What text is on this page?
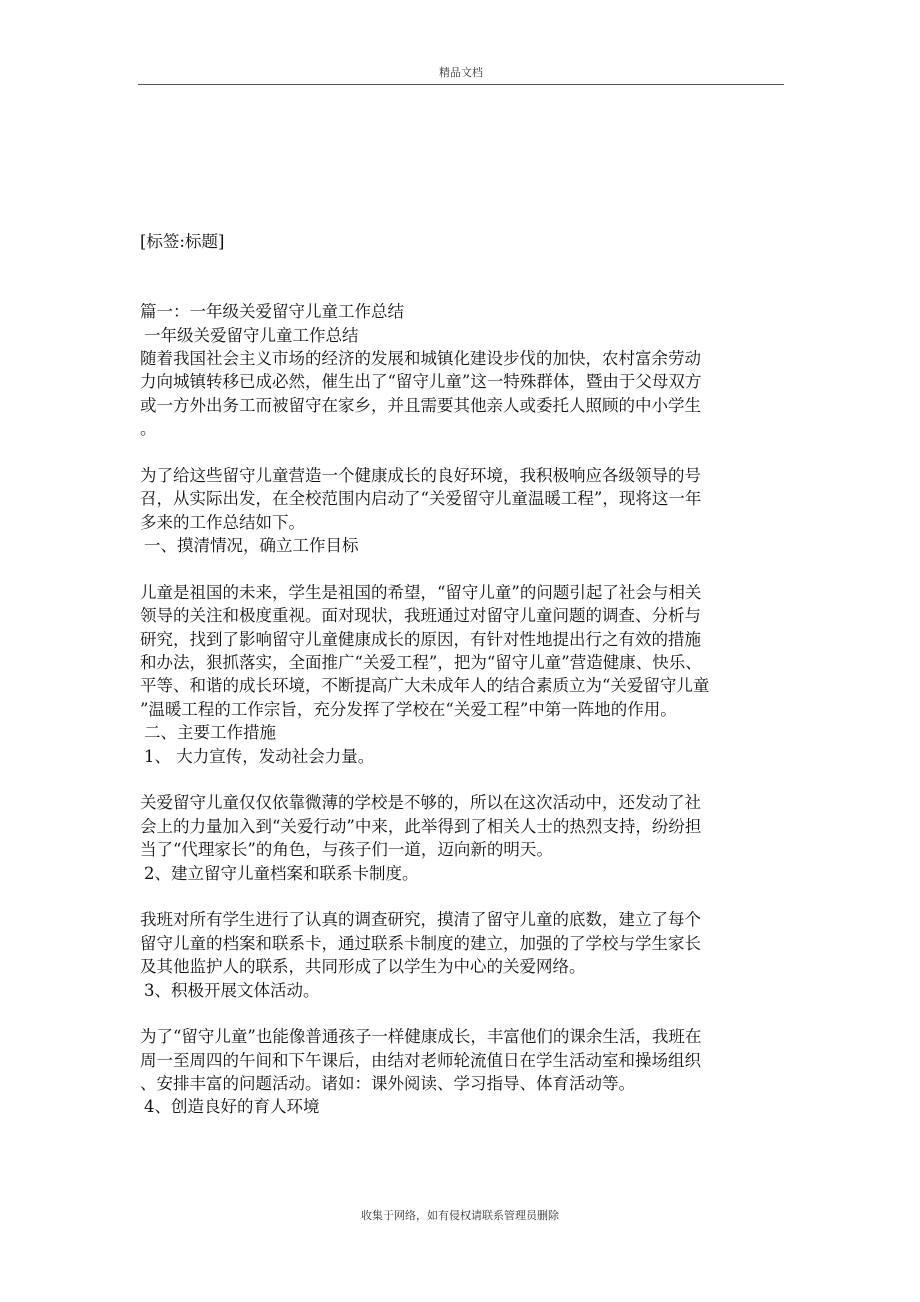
精品文档
[标签:标题]
篇一：一年级关爱留守儿童工作总结
一年级关爱留守儿童工作总结
随着我国社会主义市场的经济的发展和城镇化建设步伐的加快，农村富余劳动
力向城镇转移已成必然，催生出了“留守儿童”这一特殊群体，暨由于父母双方
或一方外出务工而被留守在家乡，并且需要其他亲人或委托人照顾的中小学生
。
为了给这些留守儿童营造一个健康成长的良好环境，我积极响应各级领导的号
召，从实际出发，在全校范围内启动了“关爱留守儿童温暖工程”，现将这一年
多来的工作总结如下。
一、摸清情况，确立工作目标
儿童是祖国的未来，学生是祖国的希望，“留守儿童”的问题引起了社会与相关
领导的关注和极度重视。面对现状，我班通过对留守儿童问题的调查、分析与
研究，找到了影响留守儿童健康成长的原因，有针对性地提出行之有效的措施
和办法，狠抓落实，全面推广“关爱工程”，把为“留守儿童”营造健康、快乐、
平等、和谐的成长环境，不断提高广大未成年人的结合素质立为“关爱留守儿童
”温暖工程的工作宗旨，充分发挥了学校在“关爱工程”中第一阵地的作用。
二、主要工作措施
1、 大力宣传，发动社会力量。
关爱留守儿童仅仅依靠微薄的学校是不够的，所以在这次活动中，还发动了社
会上的力量加入到“关爱行动”中来，此举得到了相关人士的热烈支持，纷纷担
当了“代理家长”的角色，与孩子们一道，迈向新的明天。
2、建立留守儿童档案和联系卡制度。
我班对所有学生进行了认真的调查研究，摸清了留守儿童的底数，建立了每个
留守儿童的档案和联系卡，通过联系卡制度的建立，加强的了学校与学生家长
及其他监护人的联系，共同形成了以学生为中心的关爱网络。
3、积极开展文体活动。
为了“留守儿童”也能像普通孩子一样健康成长，丰富他们的课余生活，我班在
周一至周四的午间和下午课后，由结对老师轮流值日在学生活动室和操场组织
、安排丰富的问题活动。诸如：课外阅读、学习指导、体育活动等。
4、创造良好的育人环境
收集于网络，如有侵权请联系管理员删除
